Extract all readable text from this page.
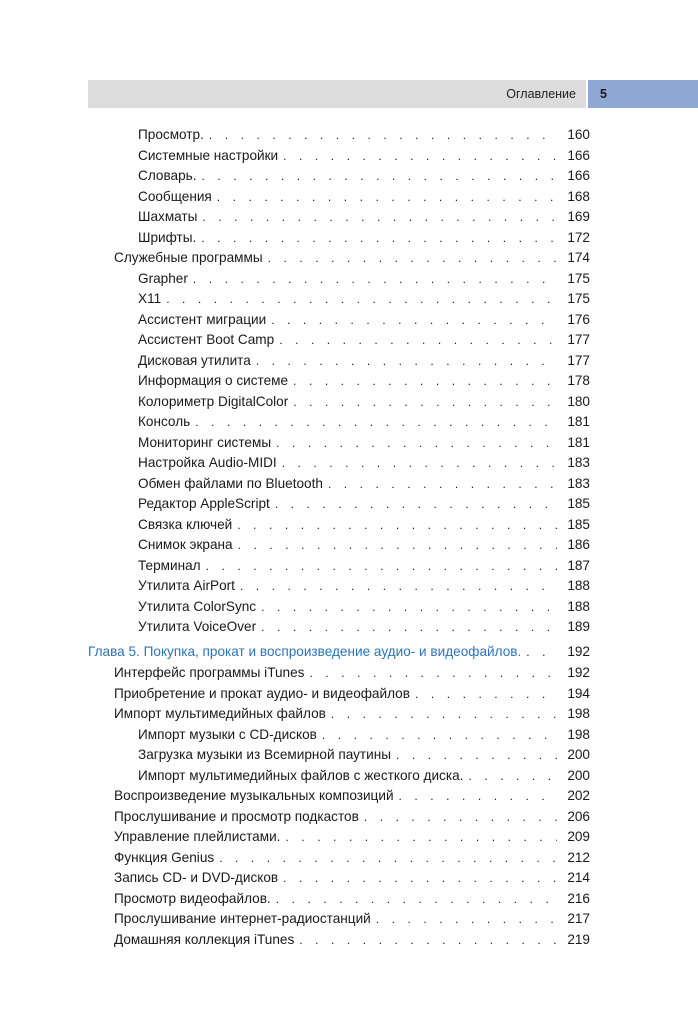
Оглавление 5
Просмотр. . . .	160
Системные настройки . . .	166
Словарь. . . .	166
Сообщения . . .	168
Шахматы . . .	169
Шрифты. . . .	172
Служебные программы . . .	174
Grapher . . .	175
X11 . . .	175
Ассистент миграции . . .	176
Ассистент Boot Camp . . .	177
Дисковая утилита . . .	177
Информация о системе . . .	178
Колориметр DigitalColor . . .	180
Консоль . . .	181
Мониторинг системы . . .	181
Настройка Audio-MIDI . . .	183
Обмен файлами по Bluetooth . . .	183
Редактор AppleScript . . .	185
Связка ключей . . .	185
Снимок экрана . . .	186
Терминал . . .	187
Утилита AirPort . . .	188
Утилита ColorSync . . .	188
Утилита VoiceOver . . .	189
Глава 5. Покупка, прокат и воспроизведение аудио- и видеофайлов. . . .	192
Интерфейс программы iTunes . . .	192
Приобретение и прокат аудио- и видеофайлов . . .	194
Импорт мультимедийных файлов . . .	198
Импорт музыки с CD-дисков . . .	198
Загрузка музыки из Всемирной паутины . . .	200
Импорт мультимедийных файлов с жесткого диска. . . .	200
Воспроизведение музыкальных композиций . . .	202
Прослушивание и просмотр подкастов . . .	206
Управление плейлистами. . . .	209
Функция Genius . . .	212
Запись CD- и DVD-дисков . . .	214
Просмотр видеофайлов. . . .	216
Прослушивание интернет-радиостанций . . .	217
Домашняя коллекция iTunes . . .	219
